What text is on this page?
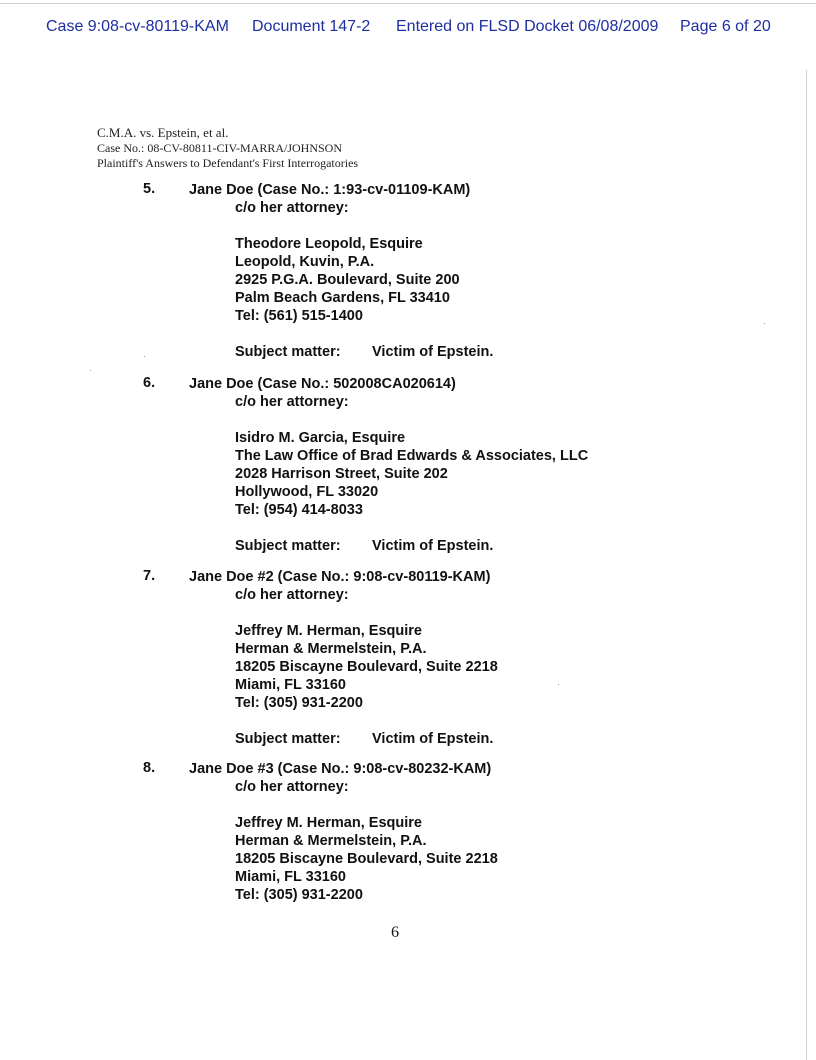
Case 9:08-cv-80119-KAM Document 147-2 Entered on FLSD Docket 06/08/2009 Page 6 of 20
C.M.A. vs. Epstein, et al.
Case No.: 08-CV-80811-CIV-MARRA/JOHNSON
Plaintiff's Answers to Defendant's First Interrogatories
5. Jane Doe (Case No.: 1:93-cv-01109-KAM)
c/o her attorney:
Theodore Leopold, Esquire
Leopold, Kuvin, P.A.
2925 P.G.A. Boulevard, Suite 200
Palm Beach Gardens, FL 33410
Tel: (561) 515-1400
Subject matter: Victim of Epstein.
6. Jane Doe (Case No.: 502008CA020614)
c/o her attorney:
Isidro M. Garcia, Esquire
The Law Office of Brad Edwards & Associates, LLC
2028 Harrison Street, Suite 202
Hollywood, FL 33020
Tel: (954) 414-8033
Subject matter: Victim of Epstein.
7. Jane Doe #2 (Case No.: 9:08-cv-80119-KAM)
c/o her attorney:
Jeffrey M. Herman, Esquire
Herman & Mermelstein, P.A.
18205 Biscayne Boulevard, Suite 2218
Miami, FL 33160
Tel: (305) 931-2200
Subject matter: Victim of Epstein.
8. Jane Doe #3 (Case No.: 9:08-cv-80232-KAM)
c/o her attorney:
Jeffrey M. Herman, Esquire
Herman & Mermelstein, P.A.
18205 Biscayne Boulevard, Suite 2218
Miami, FL 33160
Tel: (305) 931-2200
6
